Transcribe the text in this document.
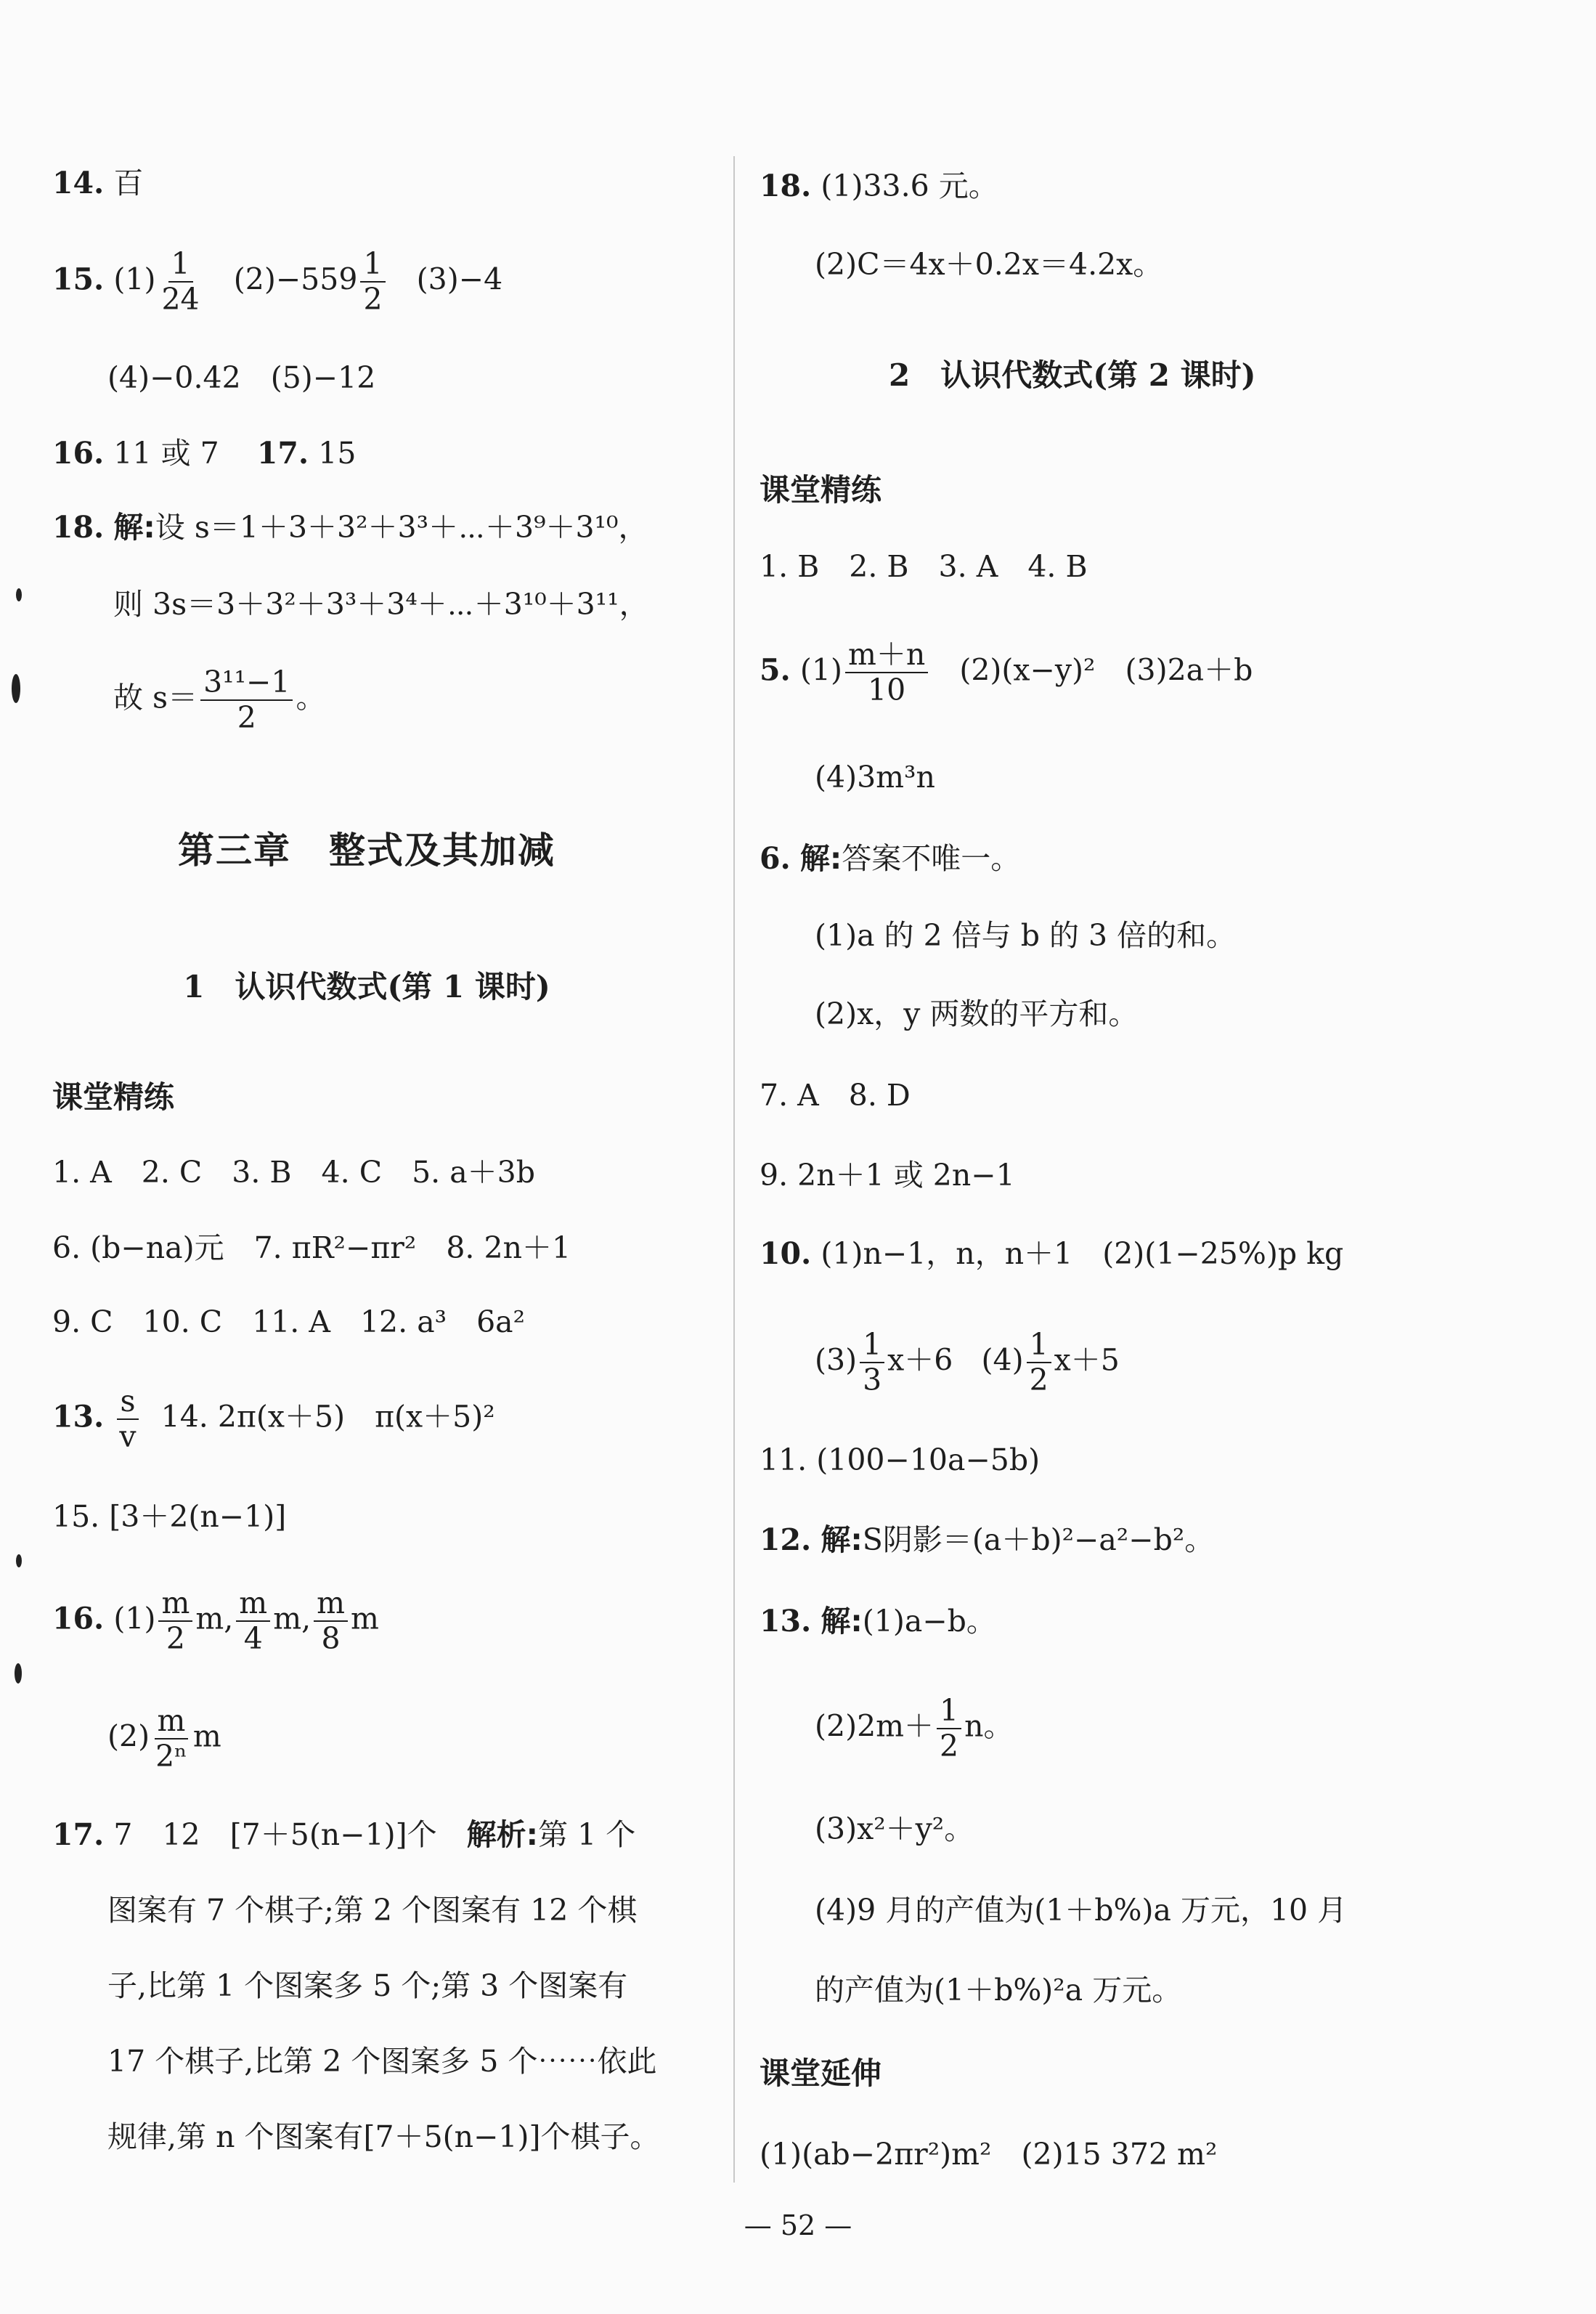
14. 百
15. $(1) \frac{1}{24} (2)-559 \frac{1}{2} (3)-4$
(4)−0.42　(5)−12
16. 11 或 7 17. 15
18. 解:设 s＝1＋3＋3²＋3³＋⋯＋3⁹＋3¹⁰，
则 3s＝3＋3²＋3³＋3⁴＋⋯＋3¹⁰＋3¹¹，
故 $s= \frac{\text{3¹¹−1}}{2}$ 。
第三章　整式及其加减
1　认识代数式(第 1 课时)
课堂精练
1. A　2. C　3. B　4. C　5. a＋3b
6. (b−na)元　7. πR²−πr²　8. 2n＋1
9. C　10. C　11. A　12. a³　6a²
13. $\frac{s}{v} 14$. 2π(x＋5)　π(x＋5)²
15. [3＋2(n−1)]
16. $(1) \frac{m}{2} m$, $\frac{m}{4} m$, $\frac{m}{8}$ m
$(2) \frac{m}{\text{2ⁿ}}$ m
17. 7　12　[7＋5(n−1)]个　解析:第 1 个
图案有 7 个棋子;第 2 个图案有 12 个棋
子,比第 1 个图案多 5 个;第 3 个图案有
17 个棋子,比第 2 个图案多 5 个⋯⋯依此
规律,第 n 个图案有[7＋5(n−1)]个棋子。
18. (1)33.6 元。
(2)C＝4x＋0.2x＝4.2x。
2　认识代数式(第 2 课时)
课堂精练
1. B　2. B　3. A　4. B
5. $(1) \frac{m+n}{10} (2)(x-y)^2$　(3)2a＋b
(4)3m³n
6. 解:答案不唯一。
(1)a 的 2 倍与 b 的 3 倍的和。
(2)x，y 两数的平方和。
7. A　8. D
9. 2n＋1 或 2n−1
10. (1)n−1，n，n＋1　(2)(1−25%)p kg
$(3) \frac{1}{3} x+6$ $(4) \frac{1}{2} x+5$
11. (100−10a−5b)
12. 解:S阴影＝(a＋b)²−a²−b²。
13. 解:(1)a−b。
$(2)2m+ \frac{1}{2}$ n。
(3)x²＋y²。
(4)9 月的产值为(1＋b%)a 万元，10 月
的产值为(1＋b%)²a 万元。
课堂延伸
(1)(ab−2πr²)m²　(2)15 372 m²
— 52 —
